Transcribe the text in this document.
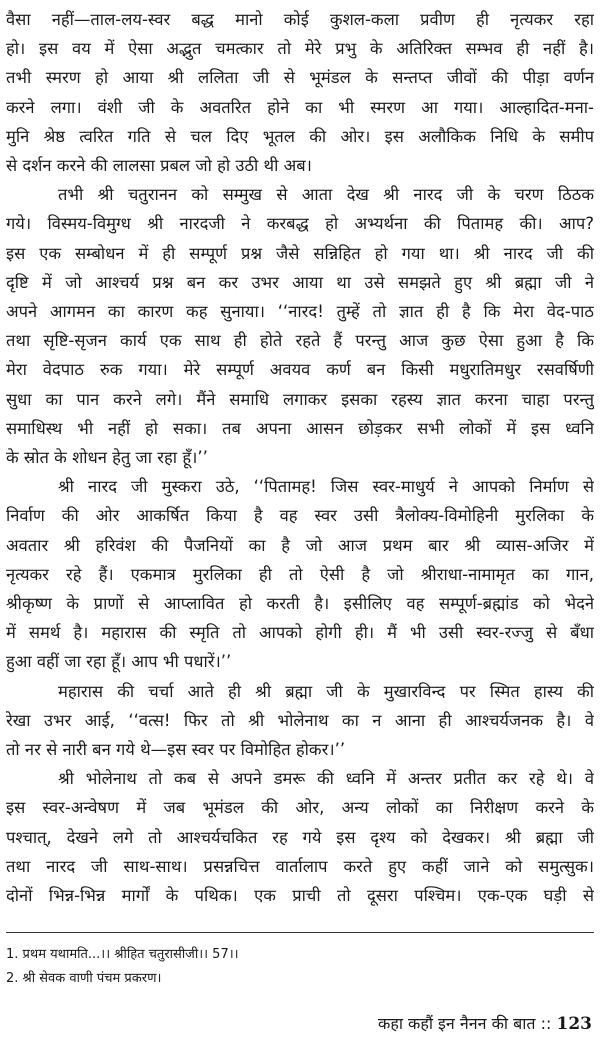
वैसा नहीं—ताल-लय-स्वर बद्ध मानो कोई कुशल-कला प्रवीण ही नृत्यकर रहा
हो। इस वय में ऐसा अद्भुत चमत्कार तो मेरे प्रभु के अतिरिक्त सम्भव ही नहीं है।
तभी स्मरण हो आया श्री ललिता जी से भूमंडल के सन्तप्त जीवों की पीड़ा वर्णन
करने लगा। वंशी जी के अवतरित होने का भी स्मरण आ गया। आल्हादित-मना-
मुनि श्रेष्ठ त्वरित गति से चल दिए भूतल की ओर। इस अलौकिक निधि के समीप
से दर्शन करने की लालसा प्रबल जो हो उठी थी अब।
तभी श्री चतुरानन को सम्मुख से आता देख श्री नारद जी के चरण ठिठक
गये। विस्मय-विमुग्ध श्री नारदजी ने करबद्ध हो अभ्यर्थना की पितामह की। आप?
इस एक सम्बोधन में ही सम्पूर्ण प्रश्न जैसे सन्निहित हो गया था। श्री नारद जी की
दृष्टि में जो आश्चर्य प्रश्न बन कर उभर आया था उसे समझते हुए श्री ब्रह्मा जी ने
अपने आगमन का कारण कह सुनाया। ‘‘नारद! तुम्हें तो ज्ञात ही है कि मेरा वेद-पाठ
तथा सृष्टि-सृजन कार्य एक साथ ही होते रहते हैं परन्तु आज कुछ ऐसा हुआ है कि
मेरा वेदपाठ रुक गया। मेरे सम्पूर्ण अवयव कर्ण बन किसी मधुरातिमधुर रसवर्षिणी
सुधा का पान करने लगे। मैंने समाधि लगाकर इसका रहस्य ज्ञात करना चाहा परन्तु
समाधिस्थ भी नहीं हो सका। तब अपना आसन छोड़कर सभी लोकों में इस ध्वनि
के स्रोत के शोधन हेतु जा रहा हूँ।’’
श्री नारद जी मुस्करा उठे, ‘‘पितामह! जिस स्वर-माधुर्य ने आपको निर्माण से
निर्वाण की ओर आकर्षित किया है वह स्वर उसी त्रैलोक्य-विमोहिनी मुरलिका के
अवतार श्री हरिवंश की पैजनियों का है जो आज प्रथम बार श्री व्यास-अजिर में
नृत्यकर रहे हैं। एकमात्र मुरलिका ही तो ऐसी है जो श्रीराधा-नामामृत का गान,
श्रीकृष्ण के प्राणों से आप्लावित हो करती है। इसीलिए वह सम्पूर्ण-ब्रह्मांड को भेदने
में समर्थ है। महारास की स्मृति तो आपको होगी ही। मैं भी उसी स्वर-रज्जु से बँधा
हुआ वहीं जा रहा हूँ। आप भी पधारें।’’
महारास की चर्चा आते ही श्री ब्रह्मा जी के मुखारविन्द पर स्मित हास्य की
रेखा उभर आई, ‘‘वत्स! फिर तो श्री भोलेनाथ का न आना ही आश्चर्यजनक है। वे
तो नर से नारी बन गये थे—इस स्वर पर विमोहित होकर।’’
श्री भोलेनाथ तो कब से अपने डमरू की ध्वनि में अन्तर प्रतीत कर रहे थे। वे
इस स्वर-अन्वेषण में जब भूमंडल की ओर, अन्य लोकों का निरीक्षण करने के
पश्चात्, देखने लगे तो आश्चर्यचकित रह गये इस दृश्य को देखकर। श्री ब्रह्मा जी
तथा नारद जी साथ-साथ। प्रसन्नचित्त वार्तालाप करते हुए कहीं जाने को समुत्सुक।
दोनों भिन्न-भिन्न मार्गों के पथिक। एक प्राची तो दूसरा पश्चिम। एक-एक घड़ी से
1. प्रथम यथामति...।। श्रीहित चतुरासीजी।। 57।।
2. श्री सेवक वाणी पंचम प्रकरण।
कहा कहौं इन नैनन की बात :: 123
